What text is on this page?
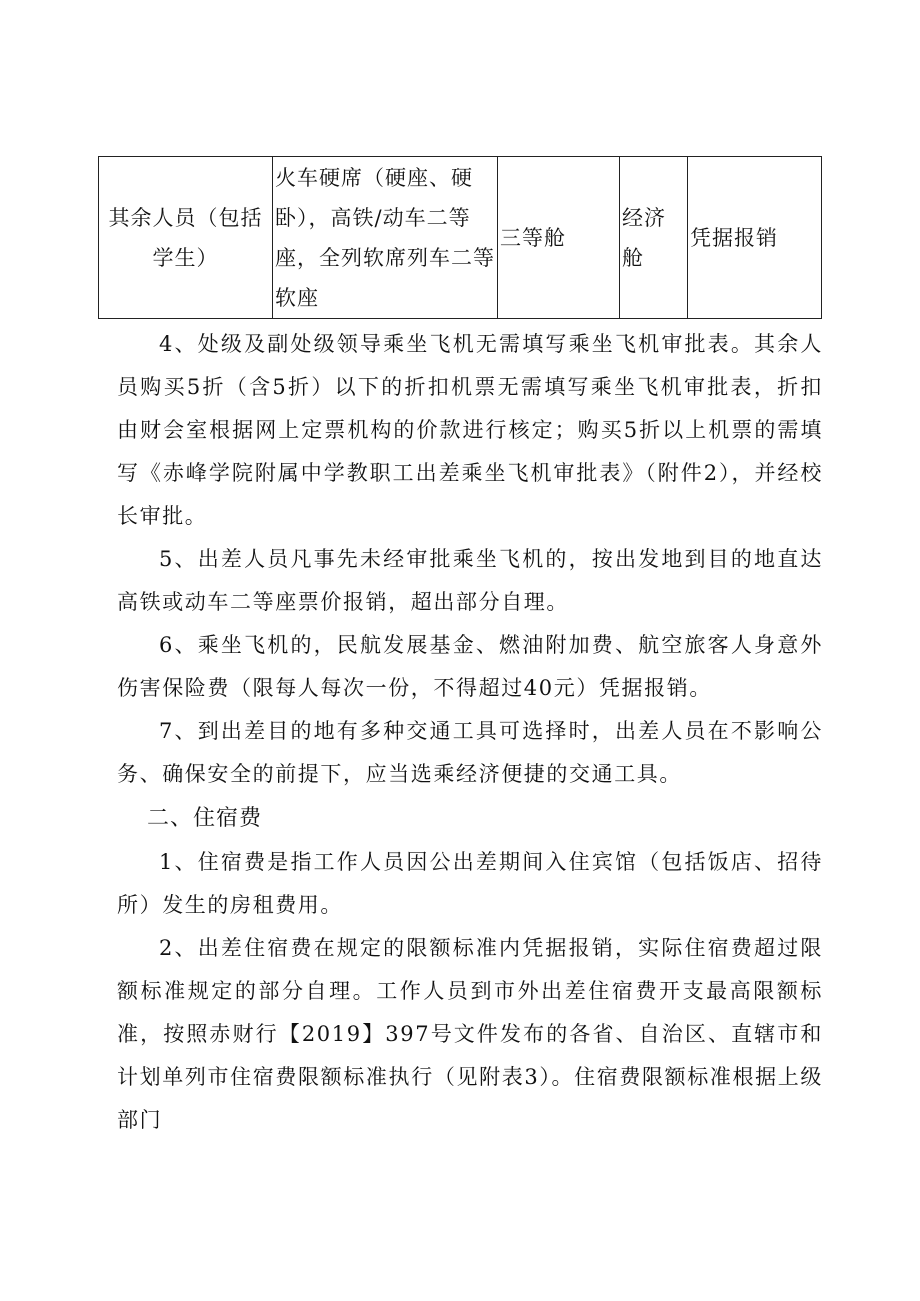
其余人员（包括学生）	火车硬席（硬座、硬卧），高铁/动车二等座，全列软席列车二等软座	三等舱	经济舱	凭据报销

4、处级及副处级领导乘坐飞机无需填写乘坐飞机审批表。其余人员购买5折（含5折）以下的折扣机票无需填写乘坐飞机审批表，折扣由财会室根据网上定票机构的价款进行核定；购买5折以上机票的需填写《赤峰学院附属中学教职工出差乘坐飞机审批表》（附件2），并经校长审批。

5、出差人员凡事先未经审批乘坐飞机的，按出发地到目的地直达高铁或动车二等座票价报销，超出部分自理。

6、乘坐飞机的，民航发展基金、燃油附加费、航空旅客人身意外伤害保险费（限每人每次一份，不得超过40元）凭据报销。

7、到出差目的地有多种交通工具可选择时，出差人员在不影响公务、确保安全的前提下，应当选乘经济便捷的交通工具。

二、住宿费

1、住宿费是指工作人员因公出差期间入住宾馆（包括饭店、招待所）发生的房租费用。

2、出差住宿费在规定的限额标准内凭据报销，实际住宿费超过限额标准规定的部分自理。工作人员到市外出差住宿费开支最高限额标准，按照赤财行【2019】397号文件发布的各省、自治区、直辖市和计划单列市住宿费限额标准执行（见附表3）。住宿费限额标准根据上级部门
